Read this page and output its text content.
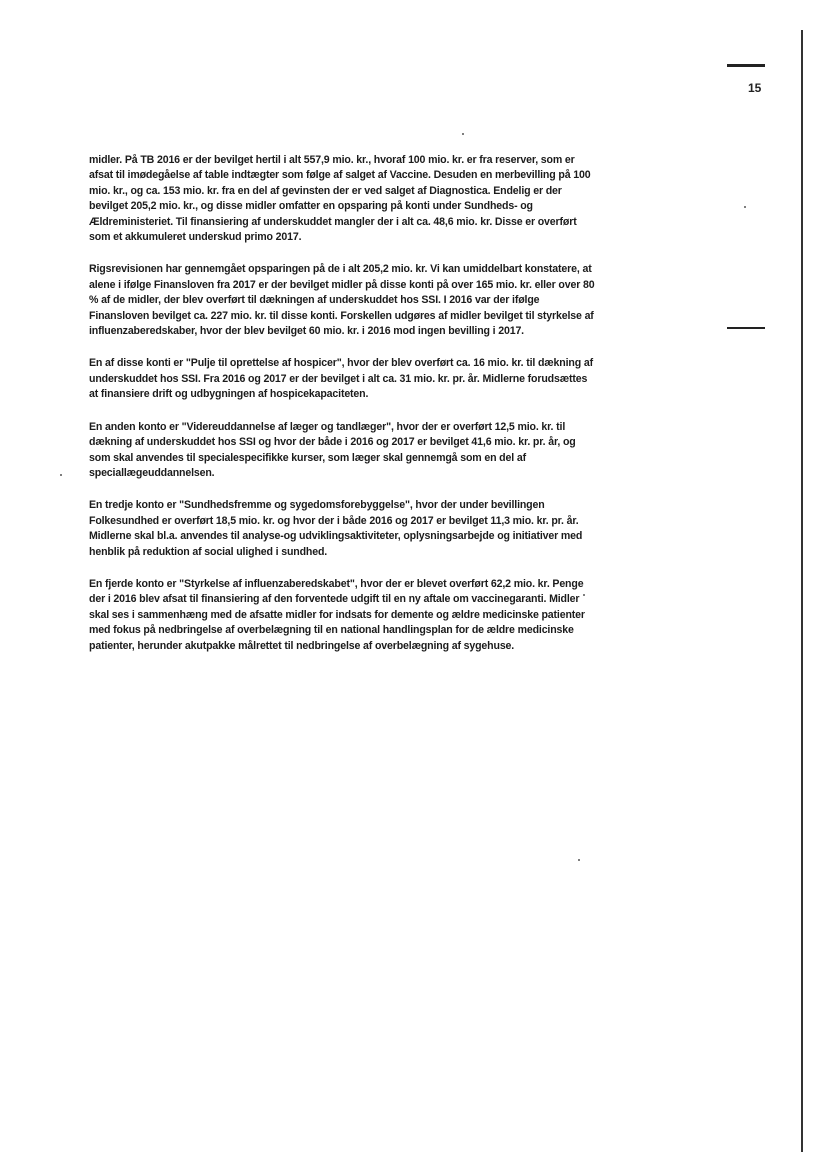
15

midler. På TB 2016 er der bevilget hertil i alt 557,9 mio. kr., hvoraf 100 mio. kr. er fra reserver, som er afsat til imødegåelse af table indtægter som følge af salget af Vaccine. Desuden en merbevilling på 100 mio. kr., og ca. 153 mio. kr. fra en del af gevinsten der er ved salget af Diagnostica. Endelig er der bevilget 205,2 mio. kr., og disse midler omfatter en opsparing på konti under Sundheds- og Ældreministeriet. Til finansiering af underskuddet mangler der i alt ca. 48,6 mio. kr. Disse er overført som et akkumuleret underskud primo 2017.

Rigsrevisionen har gennemgået opsparingen på de i alt 205,2 mio. kr. Vi kan umiddelbart konstatere, at alene i ifølge Finansloven fra 2017 er der bevilget midler på disse konti på over 165 mio. kr. eller over 80 % af de midler, der blev overført til dækningen af underskuddet hos SSI. I 2016 var der ifølge Finansloven bevilget ca. 227 mio. kr. til disse konti. Forskellen udgøres af midler bevilget til styrkelse af influenzaberedskaber, hvor der blev bevilget 60 mio. kr. i 2016 mod ingen bevilling i 2017.

En af disse konti er "Pulje til oprettelse af hospicer", hvor der blev overført ca. 16 mio. kr. til dækning af underskuddet hos SSI. Fra 2016 og 2017 er der bevilget i alt ca. 31 mio. kr. pr. år. Midlerne forudsættes at finansiere drift og udbygningen af hospicekapaciteten.

En anden konto er "Videreuddannelse af læger og tandlæger", hvor der er overført 12,5 mio. kr. til dækning af underskuddet hos SSI og hvor der både i 2016 og 2017 er bevilget 41,6 mio. kr. pr. år, og som skal anvendes til specialespecifikke kurser, som læger skal gennemgå som en del af speciallægeuddannelsen.

En tredje konto er "Sundhedsfremme og sygedomsforebyggelse", hvor der under bevillingen Folkesundhed er overført 18,5 mio. kr. og hvor der i både 2016 og 2017 er bevilget 11,3 mio. kr. pr. år. Midlerne skal bl.a. anvendes til analyse-og udviklingsaktiviteter, oplysningsarbejde og initiativer med henblik på reduktion af social ulighed i sundhed.

En fjerde konto er "Styrkelse af influenzaberedskabet", hvor der er blevet overført 62,2 mio. kr. Penge der i 2016 blev afsat til finansiering af den forventede udgift til en ny aftale om vaccinegaranti. Midler skal ses i sammenhæng med de afsatte midler for indsats for demente og ældre medicinske patienter med fokus på nedbringelse af overbelægning til en national handlingsplan for de ældre medicinske patienter, herunder akutpakke målrettet til nedbringelse af overbelægning af sygehuse.
